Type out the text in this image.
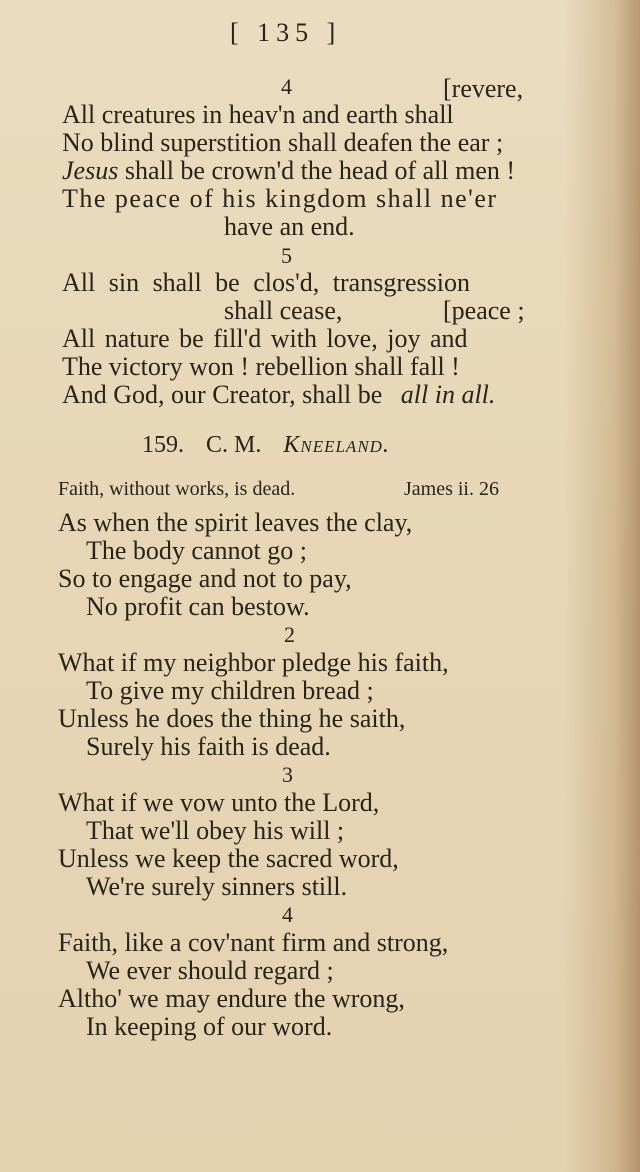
[ 135 ]
4	[revere,
All creatures in heav'n and earth shall
No blind superstition shall deafen the ear ;
Jesus shall be crown'd the head of all men !
The peace of his kingdom shall ne'er
have an end.
5
All sin shall be clos'd, transgression
shall cease,	[peace ;
All nature be fill'd with love, joy and
The victory won ! rebellion shall fall !
And God, our Creator, shall be all in all.
159. C. M. Kneeland.
Faith, without works, is dead.	James ii. 26
As when the spirit leaves the clay,
The body cannot go ;
So to engage and not to pay,
No profit can bestow.
2
What if my neighbor pledge his faith,
To give my children bread ;
Unless he does the thing he saith,
Surely his faith is dead.
3
What if we vow unto the Lord,
That we'll obey his will ;
Unless we keep the sacred word,
We're surely sinners still.
4
Faith, like a cov'nant firm and strong,
We ever should regard ;
Altho' we may endure the wrong,
In keeping of our word.
